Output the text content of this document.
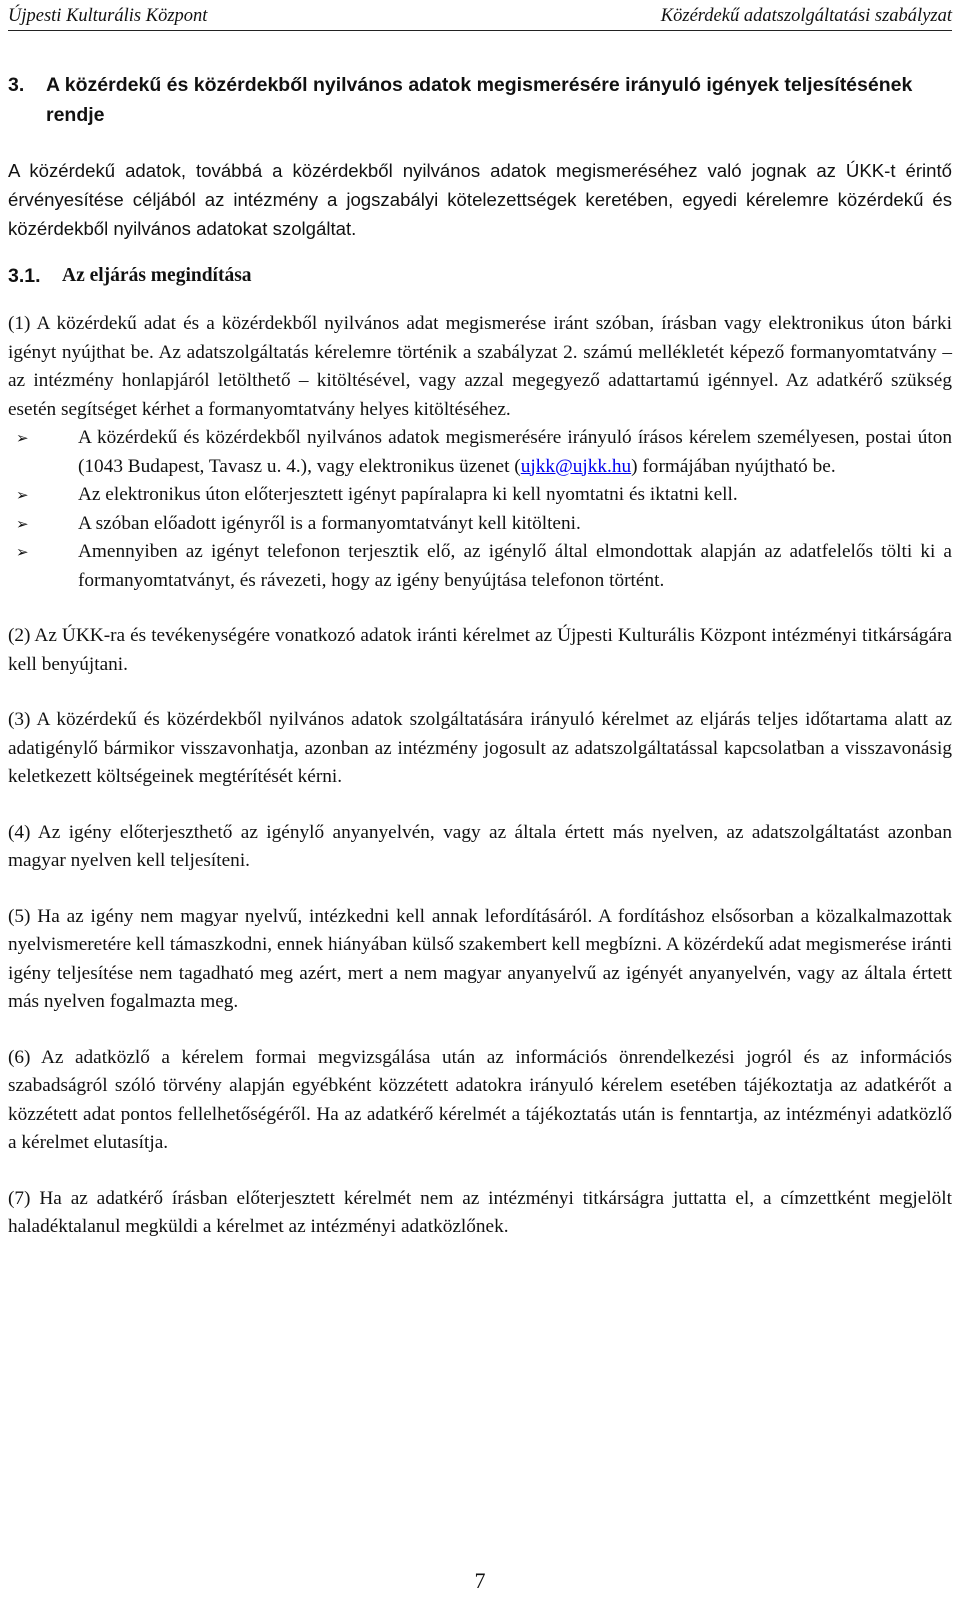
Újpesti Kulturális Központ	Közérdekű adatszolgáltatási szabályzat
3.	A közérdekű és közérdekből nyilvános adatok megismerésére irányuló igények teljesítésének rendje

A közérdekű adatok, továbbá a közérdekből nyilvános adatok megismeréséhez való jognak az ÚKK-t érintő érvényesítése céljából az intézmény a jogszabályi kötelezettségek keretében, egyedi kérelemre közérdekű és közérdekből nyilvános adatokat szolgáltat.

3.1.	Az eljárás megindítása

(1) A közérdekű adat és a közérdekből nyilvános adat megismerése iránt szóban, írásban vagy elektronikus úton bárki igényt nyújthat be. Az adatszolgáltatás kérelemre történik a szabályzat 2. számú mellékletét képező formanyomtatvány – az intézmény honlapjáról letölthető – kitöltésével, vagy azzal megegyező adattartamú igénnyel. Az adatkérő szükség esetén segítséget kérhet a formanyomtatvány helyes kitöltéséhez.

➢	A közérdekű és közérdekből nyilvános adatok megismerésére irányuló írásos kérelem személyesen, postai úton (1043 Budapest, Tavasz u. 4.), vagy elektronikus üzenet (ujkk@ujkk.hu) formájában nyújtható be.
➢	Az elektronikus úton előterjesztett igényt papíralapra ki kell nyomtatni és iktatni kell.
➢	A szóban előadott igényről is a formanyomtatványt kell kitölteni.
➢	Amennyiben az igényt telefonon terjesztik elő, az igénylő által elmondottak alapján az adatfelelős tölti ki a formanyomtatványt, és rávezeti, hogy az igény benyújtása telefonon történt.

(2) Az ÚKK-ra és tevékenységére vonatkozó adatok iránti kérelmet az Újpesti Kulturális Központ intézményi titkárságára kell benyújtani.

(3) A közérdekű és közérdekből nyilvános adatok szolgáltatására irányuló kérelmet az eljárás teljes időtartama alatt az adatigénylő bármikor visszavonhatja, azonban az intézmény jogosult az adatszolgáltatással kapcsolatban a visszavonásig keletkezett költségeinek megtérítését kérni.

(4) Az igény előterjeszthető az igénylő anyanyelvén, vagy az általa értett más nyelven, az adatszolgáltatást azonban magyar nyelven kell teljesíteni.

(5) Ha az igény nem magyar nyelvű, intézkedni kell annak lefordításáról. A fordításhoz elsősorban a közalkalmazottak nyelvismeretére kell támaszkodni, ennek hiányában külső szakembert kell megbízni. A közérdekű adat megismerése iránti igény teljesítése nem tagadható meg azért, mert a nem magyar anyanyelvű az igényét anyanyelvén, vagy az általa értett más nyelven fogalmazta meg.

(6) Az adatközlő a kérelem formai megvizsgálása után az információs önrendelkezési jogról és az információs szabadságról szóló törvény alapján egyébként közzétett adatokra irányuló kérelem esetében tájékoztatja az adatkérőt a közzétett adat pontos fellelhetőségéről. Ha az adatkérő kérelmét a tájékoztatás után is fenntartja, az intézményi adatközlő a kérelmet elutasítja.

(7) Ha az adatkérő írásban előterjesztett kérelmét nem az intézményi titkárságra juttatta el, a címzettként megjelölt haladéktalanul megküldi a kérelmet az intézményi adatközlőnek.

7
